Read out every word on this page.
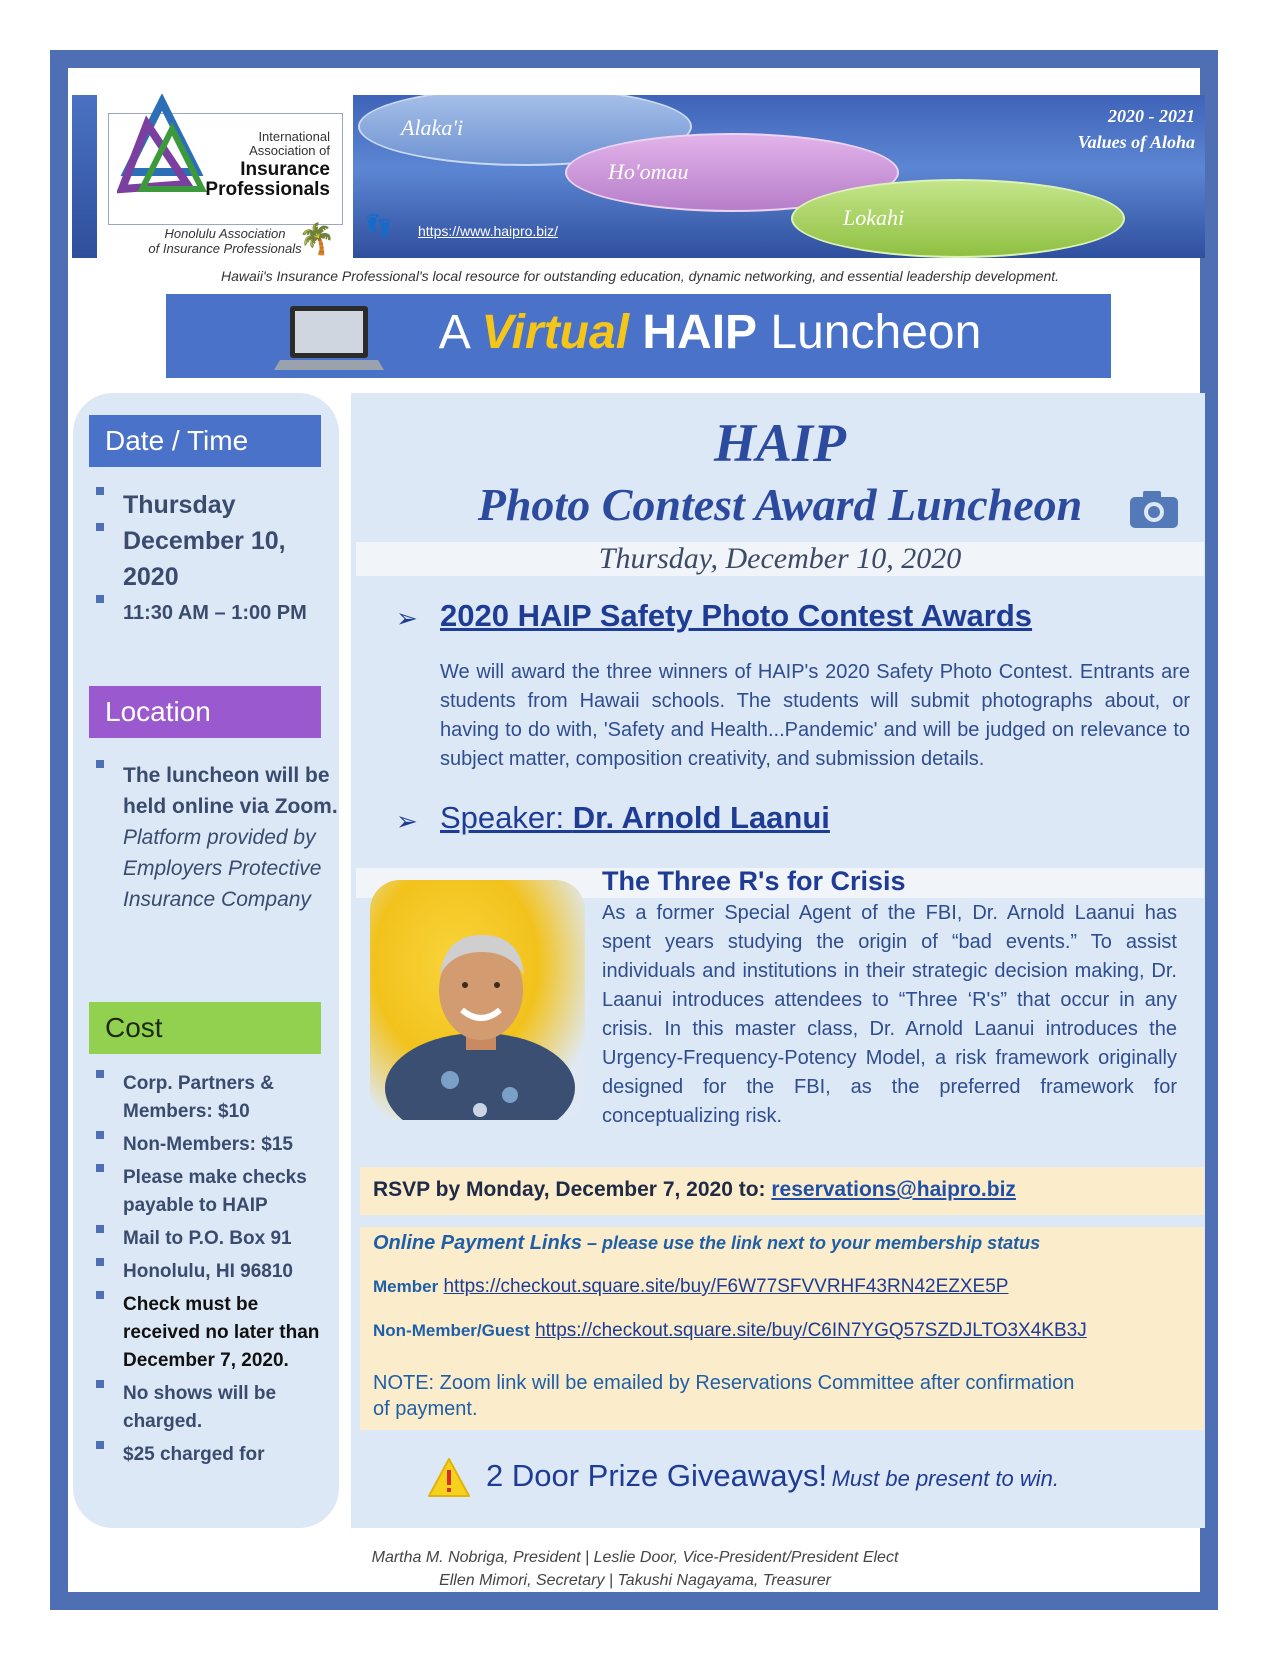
International
Association of
Insurance
Professionals
Honolulu Association
of Insurance Professionals
🌴
Alaka'i
Ho'omau
Lokahi
2020 - 2021
Values of Aloha
👣 https://www.haipro.biz/
Hawaii's Insurance Professional's local resource for outstanding education, dynamic networking, and essential leadership development.
A Virtual HAIP Luncheon
Date / Time
Thursday
December 10, 2020
11:30 AM – 1:00 PM
Location
The luncheon will be held online via Zoom.
Platform provided by Employers Protective Insurance Company
Cost
Corp. Partners & Members: $10
Non-Members: $15
Please make checks payable to HAIP
Mail to P.O. Box 91
Honolulu, HI 96810
Check must be received no later than December 7, 2020.
No shows will be charged.
$25 charged for
HAIP
Photo Contest Award Luncheon
Thursday, December 10, 2020
➢ 2020 HAIP Safety Photo Contest Awards
We will award the three winners of HAIP's 2020 Safety Photo Contest. Entrants are students from Hawaii schools. The students will submit photographs about, or having to do with, 'Safety and Health...Pandemic' and will be judged on relevance to subject matter, composition creativity, and submission details.
➢ Speaker: Dr. Arnold Laanui
The Three R's for Crisis
As a former Special Agent of the FBI, Dr. Arnold Laanui has spent years studying the origin of “bad events.” To assist individuals and institutions in their strategic decision making, Dr. Laanui introduces attendees to “Three ‘R's” that occur in any crisis. In this master class, Dr. Arnold Laanui introduces the Urgency-Frequency-Potency Model, a risk framework originally designed for the FBI, as the preferred framework for conceptualizing risk.
RSVP by Monday, December 7, 2020 to: reservations@haipro.biz
Online Payment Links – please use the link next to your membership status
Member https://checkout.square.site/buy/F6W77SFVVRHF43RN42EZXE5P
Non-Member/Guest https://checkout.square.site/buy/C6IN7YGQ57SZDJLTO3X4KB3J
NOTE: Zoom link will be emailed by Reservations Committee after confirmation of payment.
2 Door Prize Giveaways! Must be present to win.
Martha M. Nobriga, President | Leslie Door, Vice-President/President Elect
Ellen Mimori, Secretary | Takushi Nagayama, Treasurer
